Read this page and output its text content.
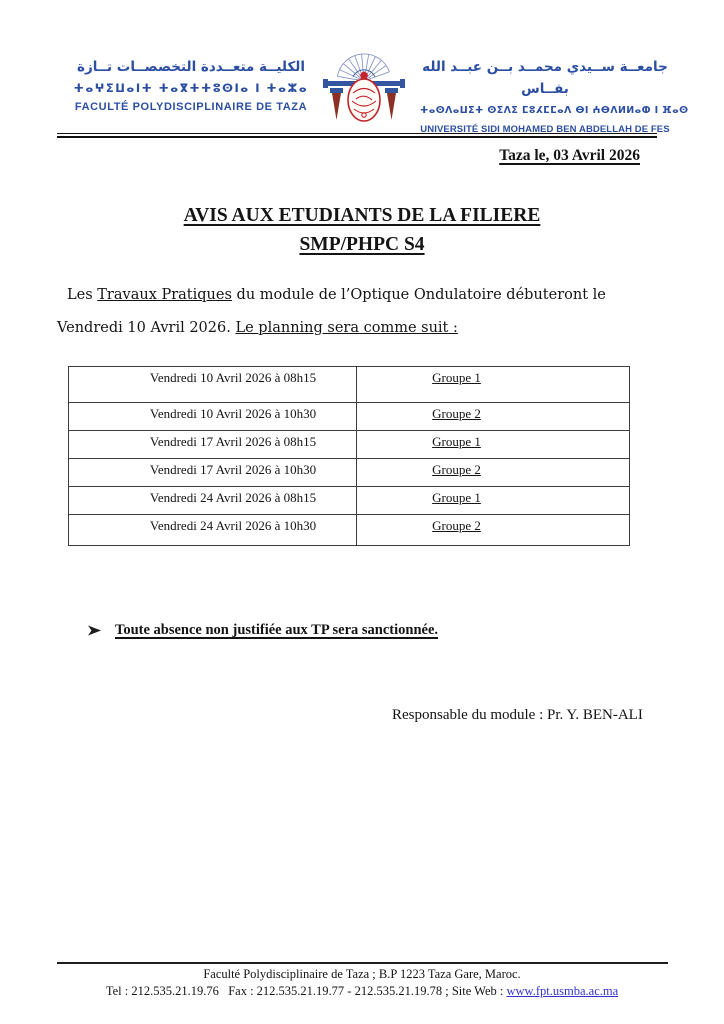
الكليــة متعــددة التخصصــات تــازة
ⵜⴰⵖⵉⵡⴰⵏⵜ ⵜⴰⴳⵜⵜⵓⵙⵏⴰ ⵏ ⵜⴰⵣⴰ
FACULTÉ POLYDISCIPLINAIRE DE TAZA
جامعــة ســيدي محمــد بــن عبــد الله بفــاس
ⵜⴰⵙⴷⴰⵡⵉⵜ ⵙⵉⴷⵉ ⵎⵓⵃⵎⵎⴰⴷ ⴱⵏ ⵄⴱⴷⵍⵍⴰⵀ ⵏ ⴼⴰⵙ
UNIVERSITÉ SIDI MOHAMED BEN ABDELLAH DE FES
Taza le, 03 Avril 2026
AVIS AUX ETUDIANTS DE LA FILIERE
SMP/PHPC S4

Les Travaux Pratiques du module de l’Optique Ondulatoire débuteront le Vendredi 10 Avril 2026. Le planning sera comme suit :

Vendredi 10 Avril 2026 à 08h15	Groupe 1
Vendredi 10 Avril 2026 à 10h30	Groupe 2
Vendredi 17 Avril 2026 à 08h15	Groupe 1
Vendredi 17 Avril 2026 à 10h30	Groupe 2
Vendredi 24 Avril 2026 à 08h15	Groupe 1
Vendredi 24 Avril 2026 à 10h30	Groupe 2
Toute absence non justifiée aux TP sera sanctionnée.
Responsable du module : Pr. Y. BEN-ALI
Faculté Polydisciplinaire de Taza ; B.P 1223 Taza Gare, Maroc.
Tel : 212.535.21.19.76   Fax : 212.535.21.19.77 - 212.535.21.19.78 ; Site Web : www.fpt.usmba.ac.ma
